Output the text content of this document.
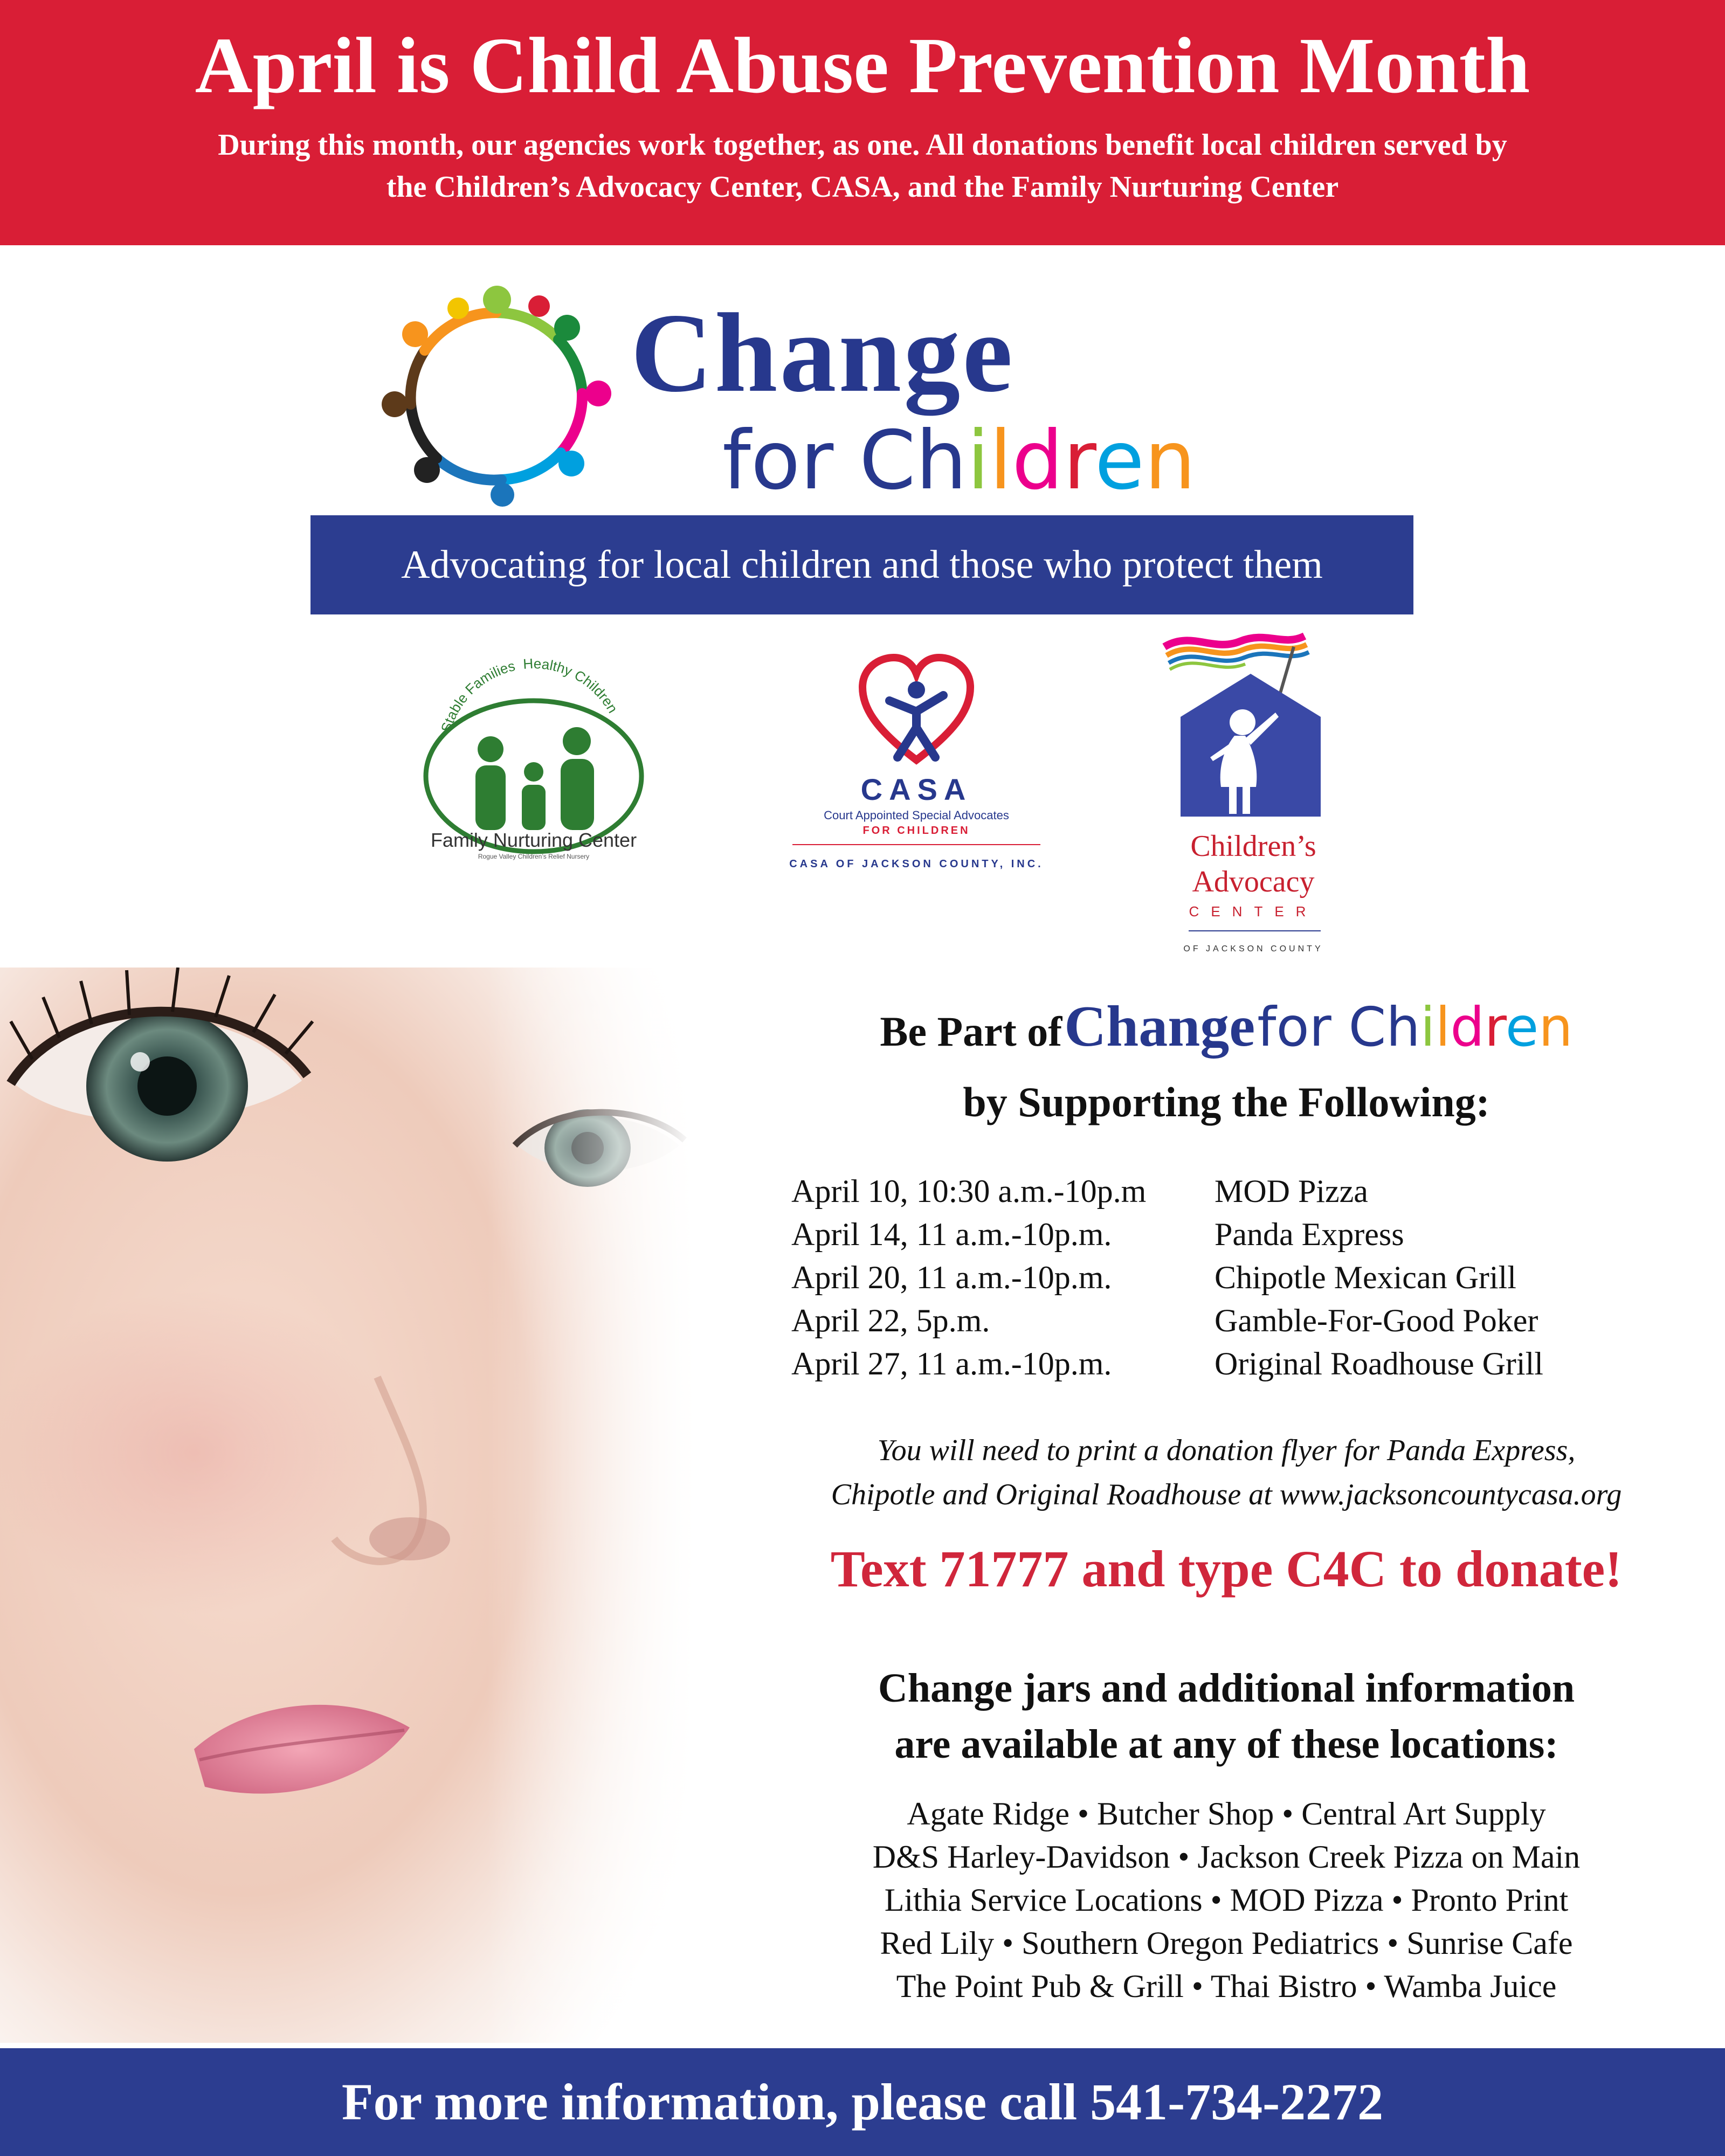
April is Child Abuse Prevention Month
During this month, our agencies work together, as one. All donations benefit local children served by
the Children’s Advocacy Center, CASA, and the Family Nurturing Center
Change
for Children
Advocating for local children and those who protect them
Stable Families Healthy Children
Family Nurturing Center
Rogue Valley Children’s Relief Nursery
CASA
Court Appointed Special Advocates
FOR CHILDREN
CASA OF JACKSON COUNTY, INC.
Children’s
Advocacy
CENTER
OF JACKSON COUNTY
Be Part of Change for Children
by Supporting the Following:
April 10, 10:30 a.m.-10p.m	MOD Pizza
April 14, 11 a.m.-10p.m.	Panda Express
April 20, 11 a.m.-10p.m.	Chipotle Mexican Grill
April 22, 5p.m.	Gamble-For-Good Poker
April 27, 11 a.m.-10p.m.	Original Roadhouse Grill
You will need to print a donation flyer for Panda Express,
Chipotle and Original Roadhouse at www.jacksoncountycasa.org
Text 71777 and type C4C to donate!
Change jars and additional information
are available at any of these locations:
Agate Ridge • Butcher Shop • Central Art Supply
D&S Harley-Davidson • Jackson Creek Pizza on Main
Lithia Service Locations • MOD Pizza • Pronto Print
Red Lily • Southern Oregon Pediatrics • Sunrise Cafe
The Point Pub & Grill • Thai Bistro • Wamba Juice
For more information, please call 541-734-2272
